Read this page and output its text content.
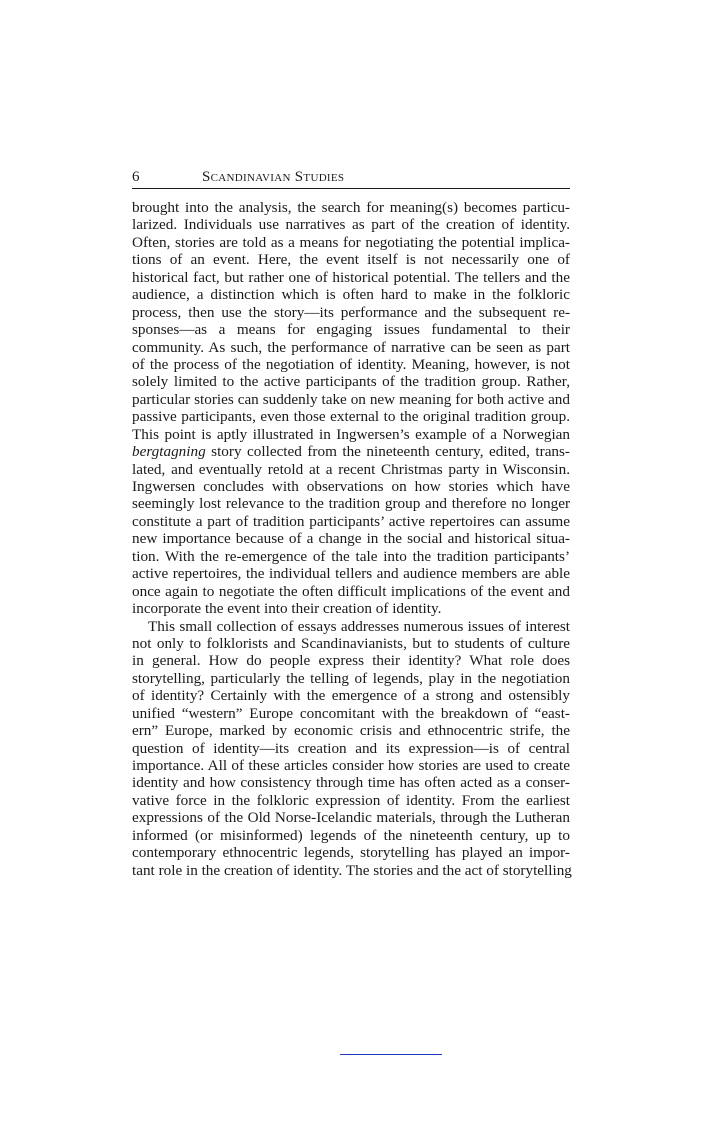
6	Scandinavian Studies
brought into the analysis, the search for meaning(s) becomes particu-
larized. Individuals use narratives as part of the creation of identity.
Often, stories are told as a means for negotiating the potential implica-
tions of an event. Here, the event itself is not necessarily one of
historical fact, but rather one of historical potential. The tellers and the
audience, a distinction which is often hard to make in the folkloric
process, then use the story—its performance and the subsequent re-
sponses—as a means for engaging issues fundamental to their
community. As such, the performance of narrative can be seen as part
of the process of the negotiation of identity. Meaning, however, is not
solely limited to the active participants of the tradition group. Rather,
particular stories can suddenly take on new meaning for both active and
passive participants, even those external to the original tradition group.
This point is aptly illustrated in Ingwersen’s example of a Norwegian
bergtagning story collected from the nineteenth century, edited, trans-
lated, and eventually retold at a recent Christmas party in Wisconsin.
Ingwersen concludes with observations on how stories which have
seemingly lost relevance to the tradition group and therefore no longer
constitute a part of tradition participants’ active repertoires can assume
new importance because of a change in the social and historical situa-
tion. With the re-emergence of the tale into the tradition participants’
active repertoires, the individual tellers and audience members are able
once again to negotiate the often difficult implications of the event and
incorporate the event into their creation of identity.
This small collection of essays addresses numerous issues of interest
not only to folklorists and Scandinavianists, but to students of culture
in general. How do people express their identity? What role does
storytelling, particularly the telling of legends, play in the negotiation
of identity? Certainly with the emergence of a strong and ostensibly
unified “western” Europe concomitant with the breakdown of “east-
ern” Europe, marked by economic crisis and ethnocentric strife, the
question of identity—its creation and its expression—is of central
importance. All of these articles consider how stories are used to create
identity and how consistency through time has often acted as a conser-
vative force in the folkloric expression of identity. From the earliest
expressions of the Old Norse-Icelandic materials, through the Lutheran
informed (or misinformed) legends of the nineteenth century, up to
contemporary ethnocentric legends, storytelling has played an impor-
tant role in the creation of identity. The stories and the act of storytelling
